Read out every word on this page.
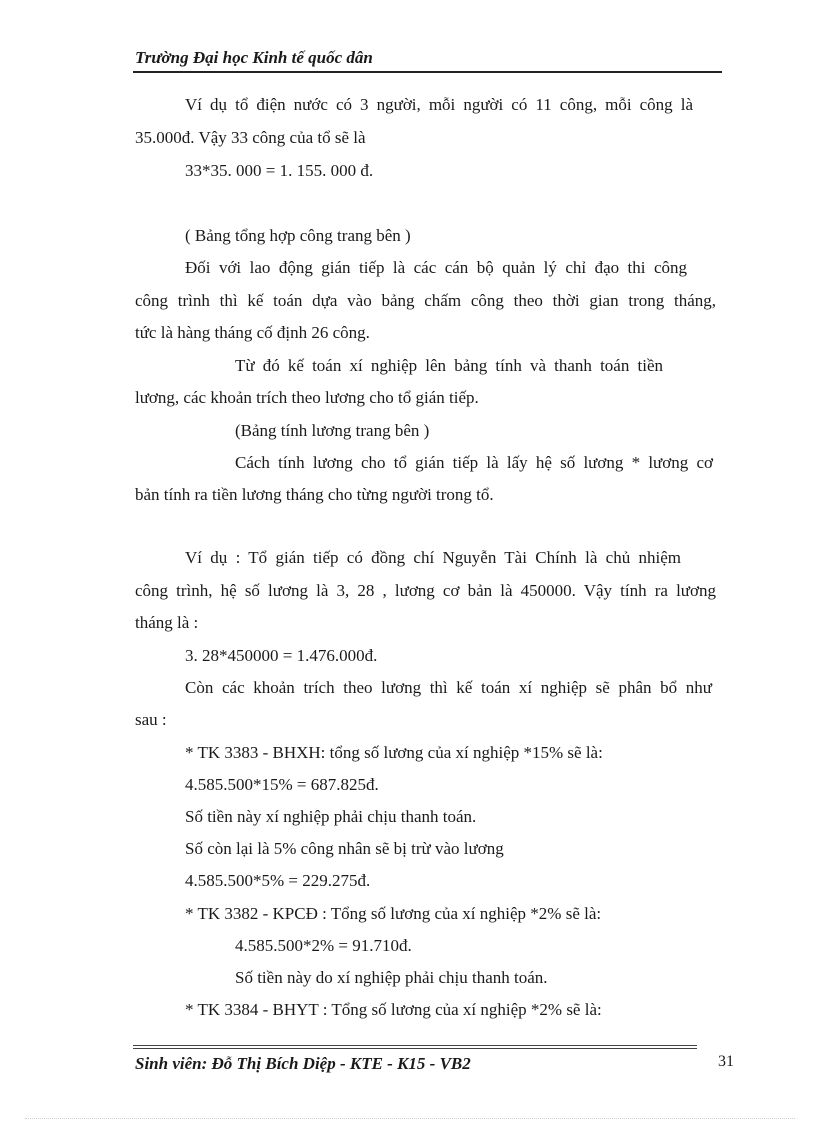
Trường Đại học Kinh tế quốc dân
Ví dụ tổ điện nước có 3 người, mỗi người có 11 công, mỗi công là
35.000đ. Vậy 33 công của tổ sẽ là
33*35. 000 = 1. 155. 000 đ.
( Bảng tổng hợp công trang bên )
Đối với lao động gián tiếp là các cán bộ quản lý chỉ đạo thi công
công trình thì kế toán dựa vào bảng chấm công theo thời gian trong tháng,
tức là hàng tháng cố định 26 công.
Từ đó kế toán xí nghiệp lên bảng tính và thanh toán tiền
lương, các khoản trích theo lương cho tổ gián tiếp.
(Bảng tính lương trang bên )
Cách tính lương cho tổ gián tiếp là lấy hệ số lương * lương cơ
bản tính ra tiền lương tháng cho từng người trong tổ.
Ví dụ : Tổ gián tiếp có đồng chí Nguyễn Tài Chính là chủ nhiệm
công trình, hệ số lương là 3, 28 , lương cơ bản là 450000. Vậy tính ra lương
tháng là :
3. 28*450000 = 1.476.000đ.
Còn các khoản trích theo lương thì kế toán xí nghiệp sẽ phân bổ như
sau :
* TK 3383 - BHXH: tổng số lương của xí nghiệp *15% sẽ là:
4.585.500*15% = 687.825đ.
Số tiền này xí nghiệp phải chịu thanh toán.
Số còn lại là 5% công nhân sẽ bị trừ vào lương
4.585.500*5% = 229.275đ.
* TK 3382 - KPCĐ : Tổng số lương của xí nghiệp *2% sẽ là:
4.585.500*2% = 91.710đ.
Số tiền này do xí nghiệp phải chịu thanh toán.
* TK 3384 - BHYT : Tổng số lương của xí nghiệp *2% sẽ là:
Sinh viên: Đỗ Thị Bích Diệp - KTE - K15 - VB2	31
